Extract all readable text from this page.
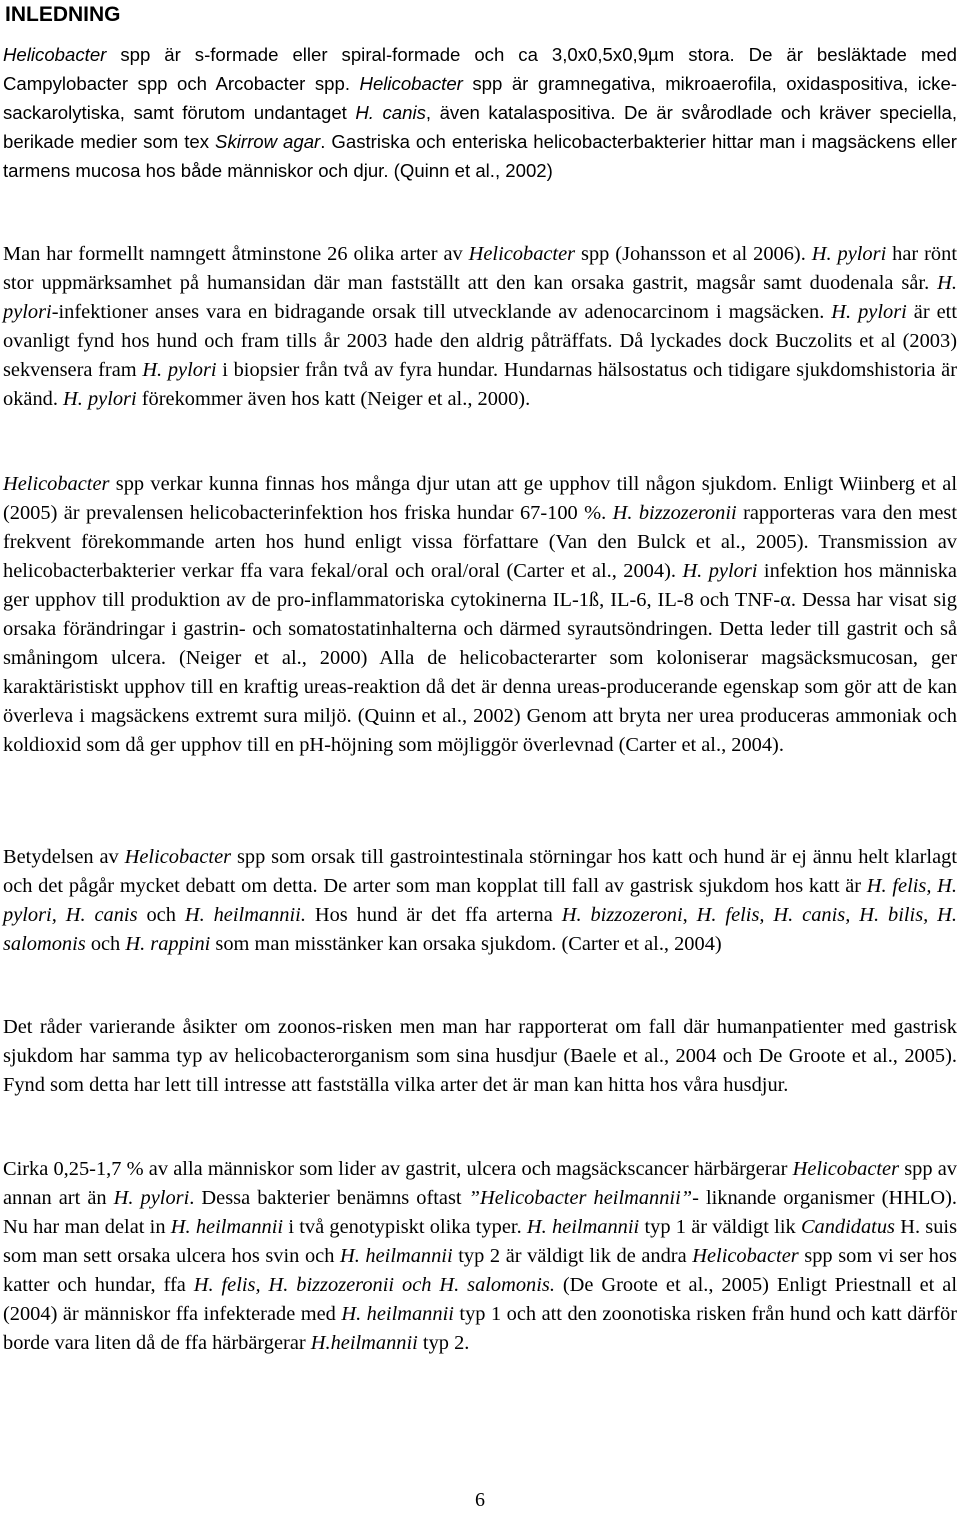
INLEDNING

Helicobacter spp är s-formade eller spiral-formade och ca 3,0x0,5x0,9µm stora. De är besläktade med Campylobacter spp och Arcobacter spp. Helicobacter spp är gramnegativa, mikroaerofila, oxidaspositiva, icke-sackarolytiska, samt förutom undantaget H. canis, även katalaspositiva. De är svårodlade och kräver speciella, berikade medier som tex Skirrow agar. Gastriska och enteriska helicobacterbakterier hittar man i magsäckens eller tarmens mucosa hos både människor och djur. (Quinn et al., 2002)

Man har formellt namngett åtminstone 26 olika arter av Helicobacter spp (Johansson et al 2006). H. pylori har rönt stor uppmärksamhet på humansidan där man fastställt att den kan orsaka gastrit, magsår samt duodenala sår. H. pylori-infektioner anses vara en bidragande orsak till utvecklande av adenocarcinom i magsäcken. H. pylori är ett ovanligt fynd hos hund och fram tills år 2003 hade den aldrig påträffats. Då lyckades dock Buczolits et al (2003) sekvensera fram H. pylori i biopsier från två av fyra hundar. Hundarnas hälsostatus och tidigare sjukdomshistoria är okänd. H. pylori förekommer även hos katt (Neiger et al., 2000).

Helicobacter spp verkar kunna finnas hos många djur utan att ge upphov till någon sjukdom. Enligt Wiinberg et al (2005) är prevalensen helicobacterinfektion hos friska hundar 67-100 %. H. bizzozeronii rapporteras vara den mest frekvent förekommande arten hos hund enligt vissa författare (Van den Bulck et al., 2005). Transmission av helicobacterbakterier verkar ffa vara fekal/oral och oral/oral (Carter et al., 2004). H. pylori infektion hos människa ger upphov till produktion av de pro-inflammatoriska cytokinerna IL-1ß, IL-6, IL-8 och TNF-α. Dessa har visat sig orsaka förändringar i gastrin- och somatostatinhalterna och därmed syrautsöndringen. Detta leder till gastrit och så småningom ulcera. (Neiger et al., 2000) Alla de helicobacterarter som koloniserar magsäcksmucosan, ger karaktäristiskt upphov till en kraftig ureas-reaktion då det är denna ureas-producerande egenskap som gör att de kan överleva i magsäckens extremt sura miljö. (Quinn et al., 2002) Genom att bryta ner urea produceras ammoniak och koldioxid som då ger upphov till en pH-höjning som möjliggör överlevnad (Carter et al., 2004).

Betydelsen av Helicobacter spp som orsak till gastrointestinala störningar hos katt och hund är ej ännu helt klarlagt och det pågår mycket debatt om detta. De arter som man kopplat till fall av gastrisk sjukdom hos katt är H. felis, H. pylori, H. canis och H. heilmannii. Hos hund är det ffa arterna H. bizzozeroni, H. felis, H. canis, H. bilis, H. salomonis och H. rappini som man misstänker kan orsaka sjukdom. (Carter et al., 2004)

Det råder varierande åsikter om zoonos-risken men man har rapporterat om fall där humanpatienter med gastrisk sjukdom har samma typ av helicobacterorganism som sina husdjur (Baele et al., 2004 och De Groote et al., 2005). Fynd som detta har lett till intresse att fastställa vilka arter det är man kan hitta hos våra husdjur.

Cirka 0,25-1,7 % av alla människor som lider av gastrit, ulcera och magsäckscancer härbärgerar Helicobacter spp av annan art än H. pylori. Dessa bakterier benämns oftast ”Helicobacter heilmannii”- liknande organismer (HHLO). Nu har man delat in H. heilmannii i två genotypiskt olika typer. H. heilmannii typ 1 är väldigt lik Candidatus H. suis som man sett orsaka ulcera hos svin och H. heilmannii typ 2 är väldigt lik de andra Helicobacter spp som vi ser hos katter och hundar, ffa H. felis, H. bizzozeronii och H. salomonis. (De Groote et al., 2005) Enligt Priestnall et al (2004) är människor ffa infekterade med H. heilmannii typ 1 och att den zoonotiska risken från hund och katt därför borde vara liten då de ffa härbärgerar H.heilmannii typ 2.

6
